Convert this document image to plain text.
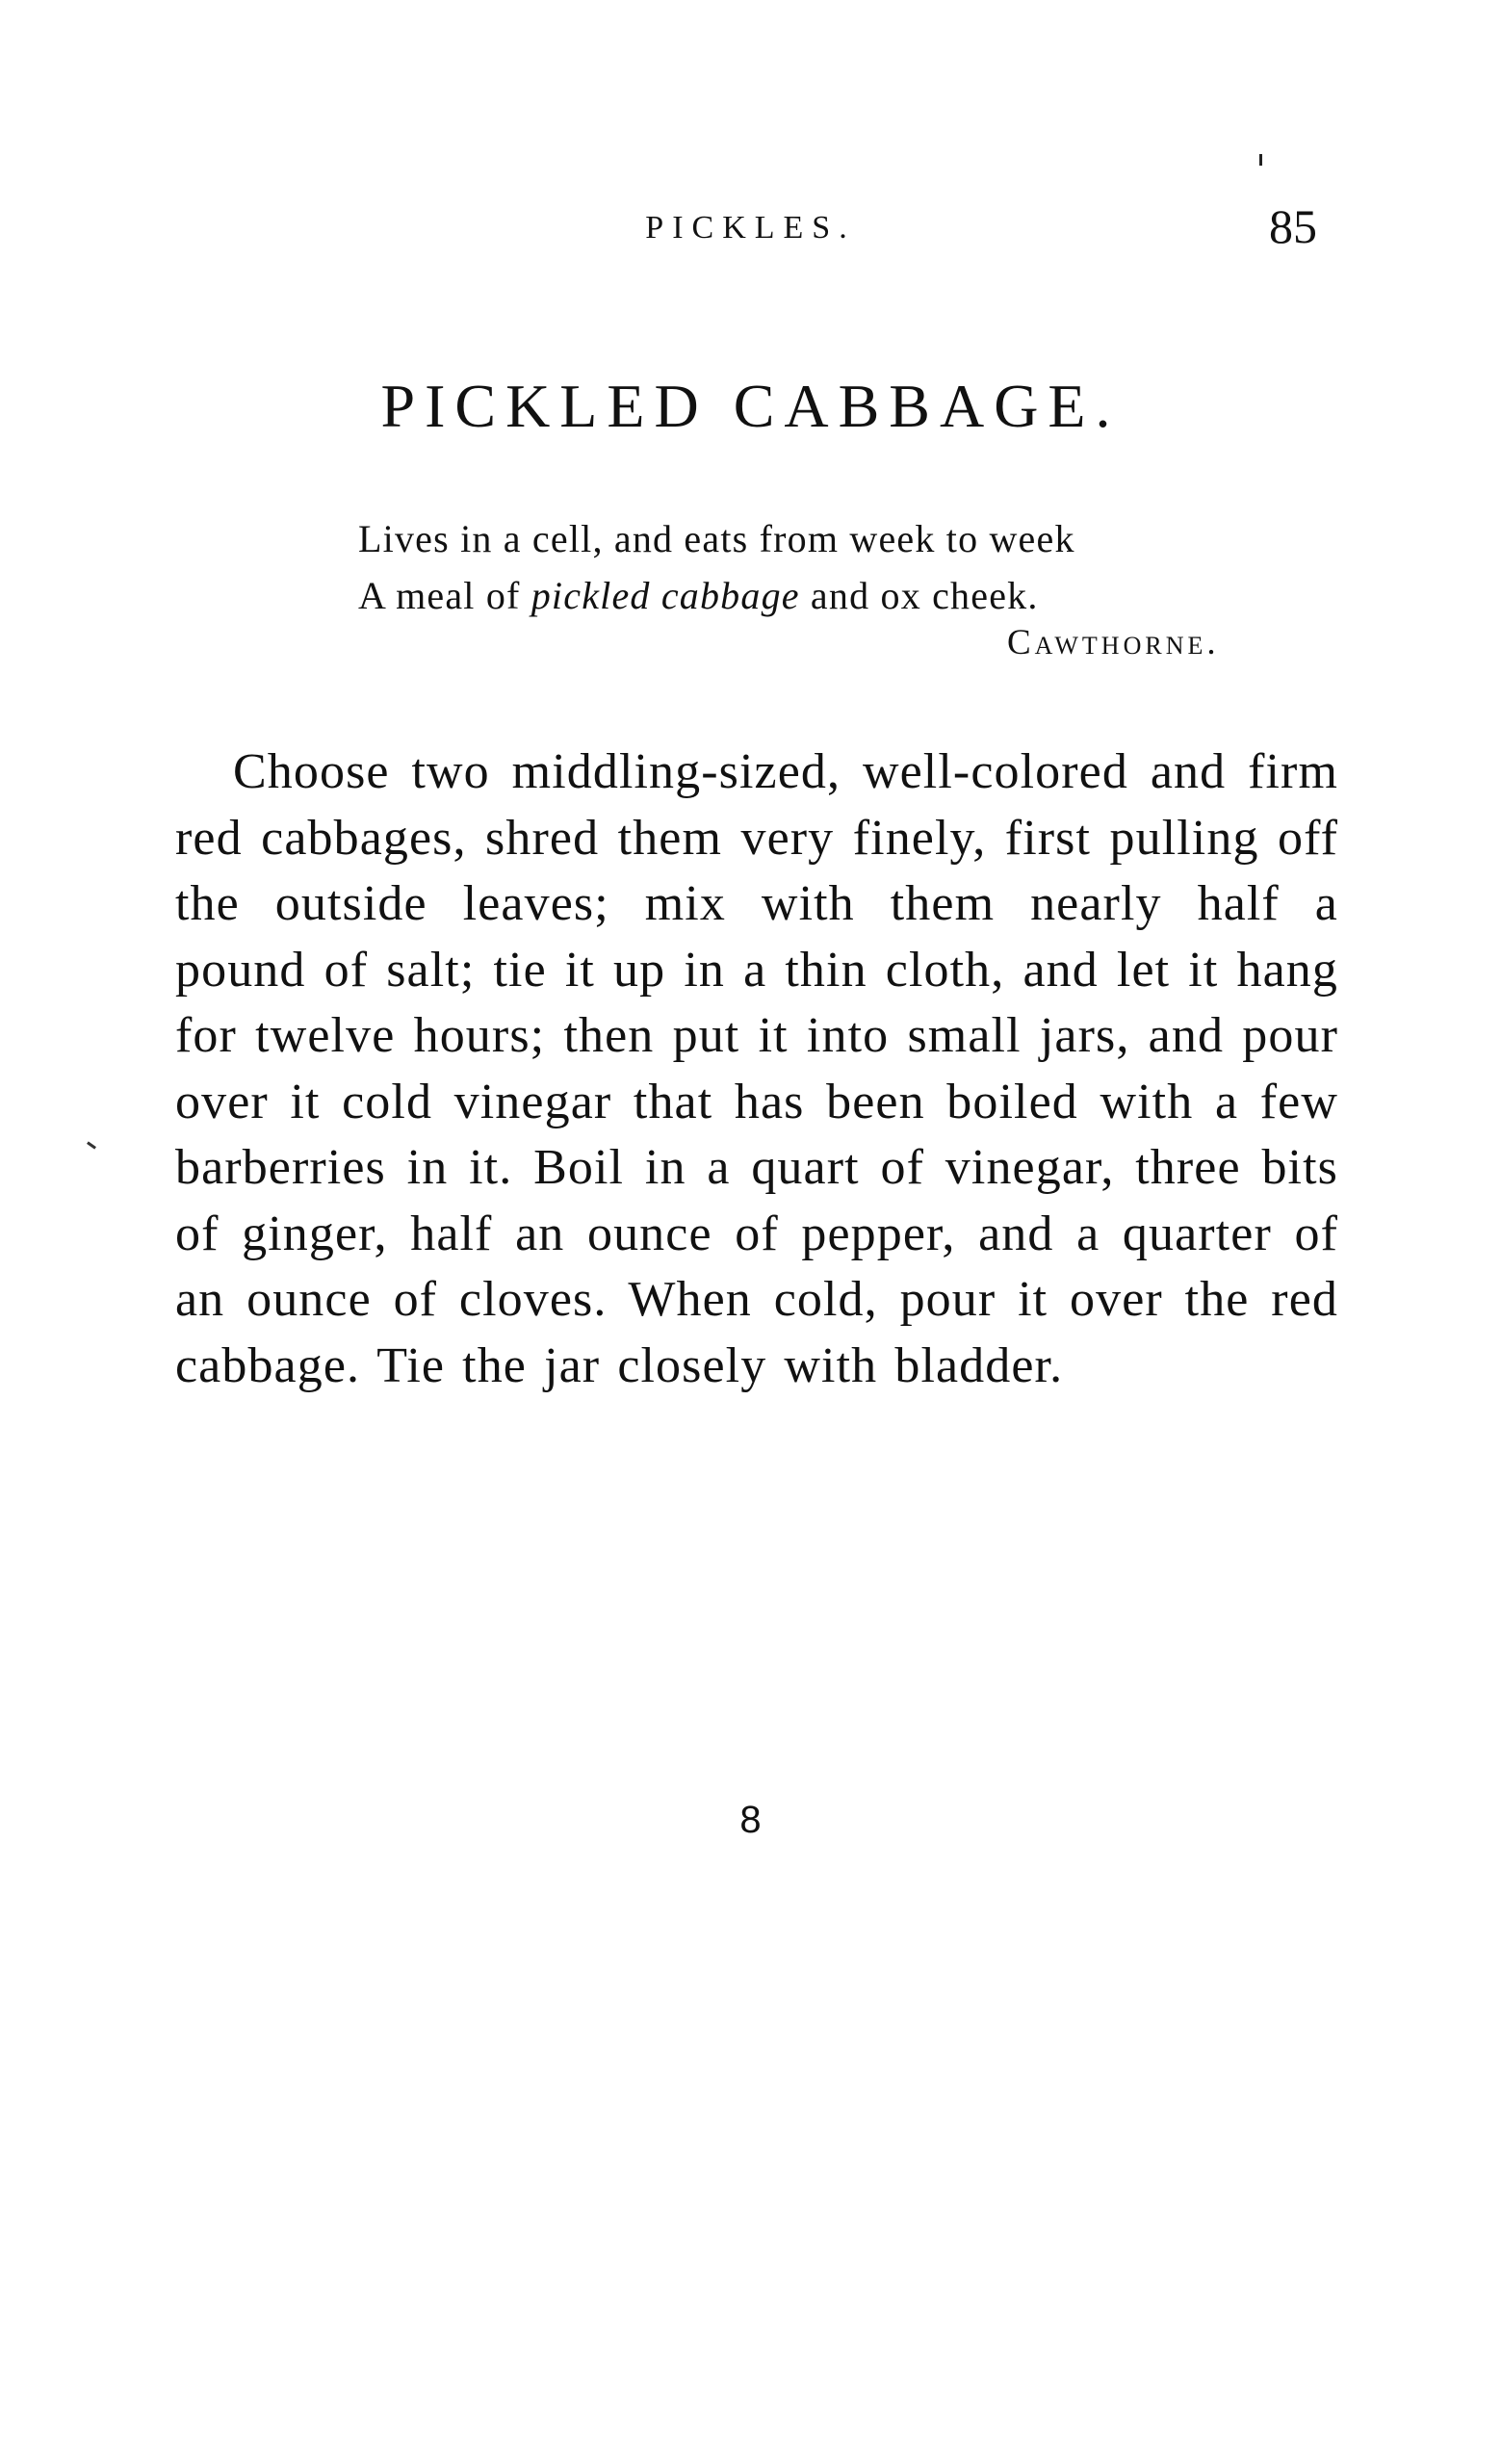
PICKLES.	85
PICKLED CABBAGE.
Lives in a cell, and eats from week to week
A meal of pickled cabbage and ox cheek.
Cawthorne.

Choose two middling-sized, well-colored and firm red cabbages, shred them very finely, first pulling off the outside leaves; mix with them nearly half a pound of salt; tie it up in a thin cloth, and let it hang for twelve hours; then put it into small jars, and pour over it cold vinegar that has been boiled with a few barberries in it. Boil in a quart of vinegar, three bits of ginger, half an ounce of pepper, and a quarter of an ounce of cloves. When cold, pour it over the red cabbage. Tie the jar closely with bladder.

8
